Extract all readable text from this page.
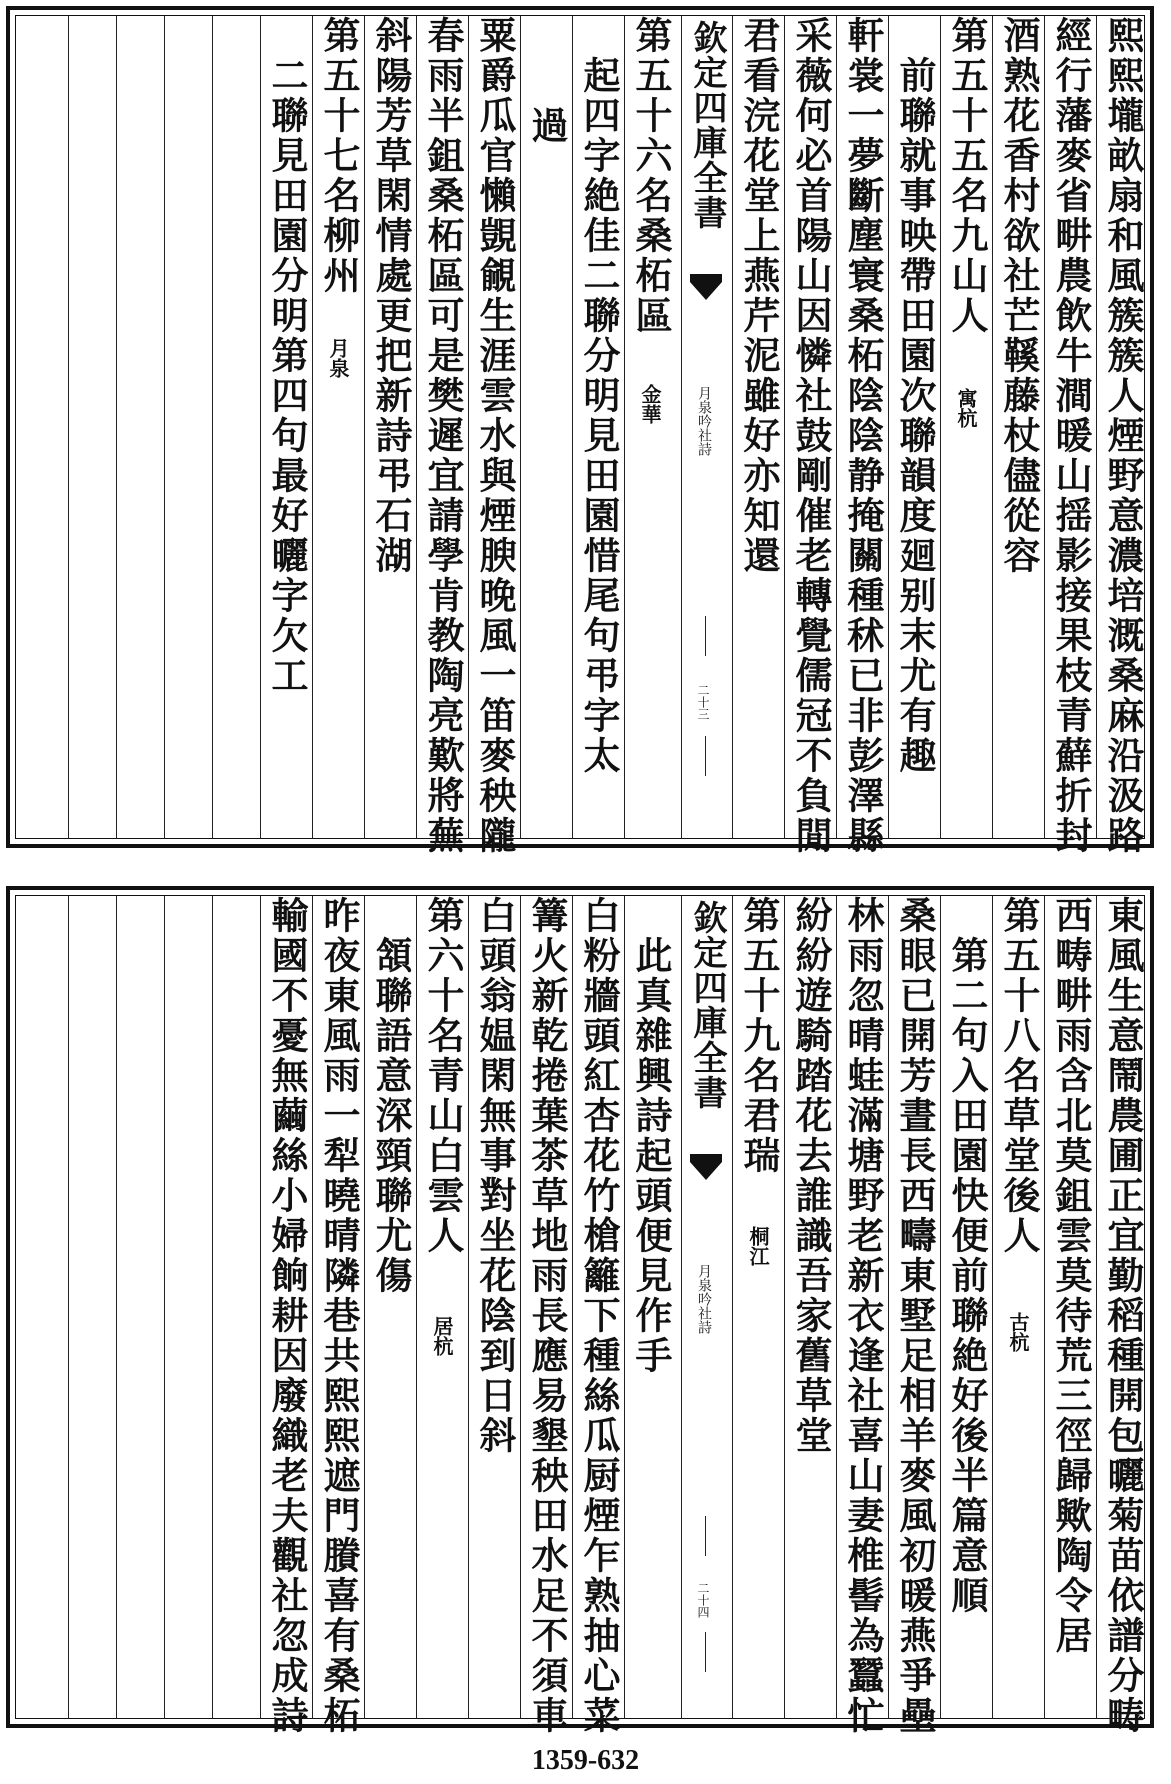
熙熙壠畝扇和風簇簇人煙野意濃培溉桑麻沿汲路
經行藩麥省畊農飲牛澗暖山揺影接果枝青蘚折封
酒熟花香村欲社芒鞵藤杖儘從容
第五十五名九山人
寓杭
　前聯就事映帶田園次聯韻度廻别末尤有趣
軒裳一夢斷塵寰桑柘陰陰静掩關種秫已非彭澤縣
采薇何必首陽山因憐社鼓剛催老轉覺儒冠不負閒
君看浣花堂上燕芹泥雖好亦知還
欽定四庫全書
月泉吟社詩
二十三
第五十六名桑柘區
金華
　起四字絶佳二聯分明見田園惜尾句弔字太
過
粟爵瓜官懶覬覦生涯雲水與煙腴晚風一笛麥秧隴
春雨半鉏桑柘區可是樊遲宜請學肯教陶亮歎將蕪
斜陽芳草閑情處更把新詩弔石湖
第五十七名柳州
月泉
　二聯見田園分明第四句最好曬字欠工
東風生意鬧農圃正宜勤稻種開包曬菊苗依譜分畴
西畴畊雨含北莫鉏雲莫待荒三徑歸歟陶令居
第五十八名草堂後人
古杭
　第二句入田園快便前聯絶好後半篇意順
桑眼已開芳晝長西疇東墅足相羊麥風初暖燕爭壘
林雨忽晴蛙滿塘野老新衣逢社喜山妻椎髻為蠶忙
紛紛遊騎踏花去誰識吾家舊草堂
第五十九名君瑞
桐江
欽定四庫全書
月泉吟社詩
二十四
　此真雜興詩起頭便見作手
白粉牆頭紅杏花竹槍籬下種絲瓜厨煙乍熟抽心菜
篝火新乾捲葉茶草地雨長應易墾秧田水足不須車
白頭翁媪閑無事對坐花陰到日斜
第六十名青山白雲人
居杭
　頷聯語意深頸聯尤傷
昨夜東風雨一犁曉晴隣巷共熙熙遮門賸喜有桑柘
輸國不憂無繭絲小婦餉耕因廢織老夫觀社忽成詩
1359-632
